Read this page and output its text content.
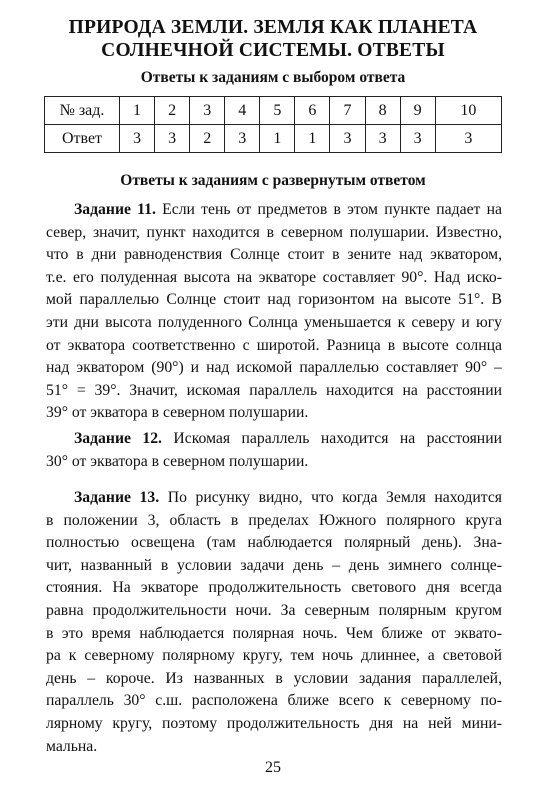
ПРИРОДА ЗЕМЛИ. ЗЕМЛЯ КАК ПЛАНЕТА
СОЛНЕЧНОЙ СИСТЕМЫ. ОТВЕТЫ
Ответы к заданиям с выбором ответа
№ зад.	1	2	3	4	5	6	7	8	9	10
Ответ	3	3	2	3	1	1	3	3	3	3
Ответы к заданиям с развернутым ответом
Задание 11. Если тень от предметов в этом пункте падает на
север, значит, пункт находится в северном полушарии. Известно,
что в дни равноденствия Солнце стоит в зените над экватором,
т.е. его полуденная высота на экваторе составляет 90°. Над иско-
мой параллелью Солнце стоит над горизонтом на высоте 51°. В
эти дни высота полуденного Солнца уменьшается к северу и югу
от экватора соответственно с широтой. Разница в высоте солнца
над экватором (90°) и над искомой параллелью составляет 90° –
51° = 39°. Значит, искомая параллель находится на расстоянии
39° от экватора в северном полушарии.
Задание 12. Искомая параллель находится на расстоянии
30° от экватора в северном полушарии.
Задание 13. По рисунку видно, что когда Земля находится
в положении 3, область в пределах Южного полярного круга
полностью освещена (там наблюдается полярный день). Зна-
чит, названный в условии задачи день – день зимнего солнце-
стояния. На экваторе продолжительность светового дня всегда
равна продолжительности ночи. За северным полярным кругом
в это время наблюдается полярная ночь. Чем ближе от эквато-
ра к северному полярному кругу, тем ночь длиннее, а световой
день – короче. Из названных в условии задания параллелей,
параллель 30° с.ш. расположена ближе всего к северному по-
лярному кругу, поэтому продолжительность дня на ней мини-
мальна.
25
